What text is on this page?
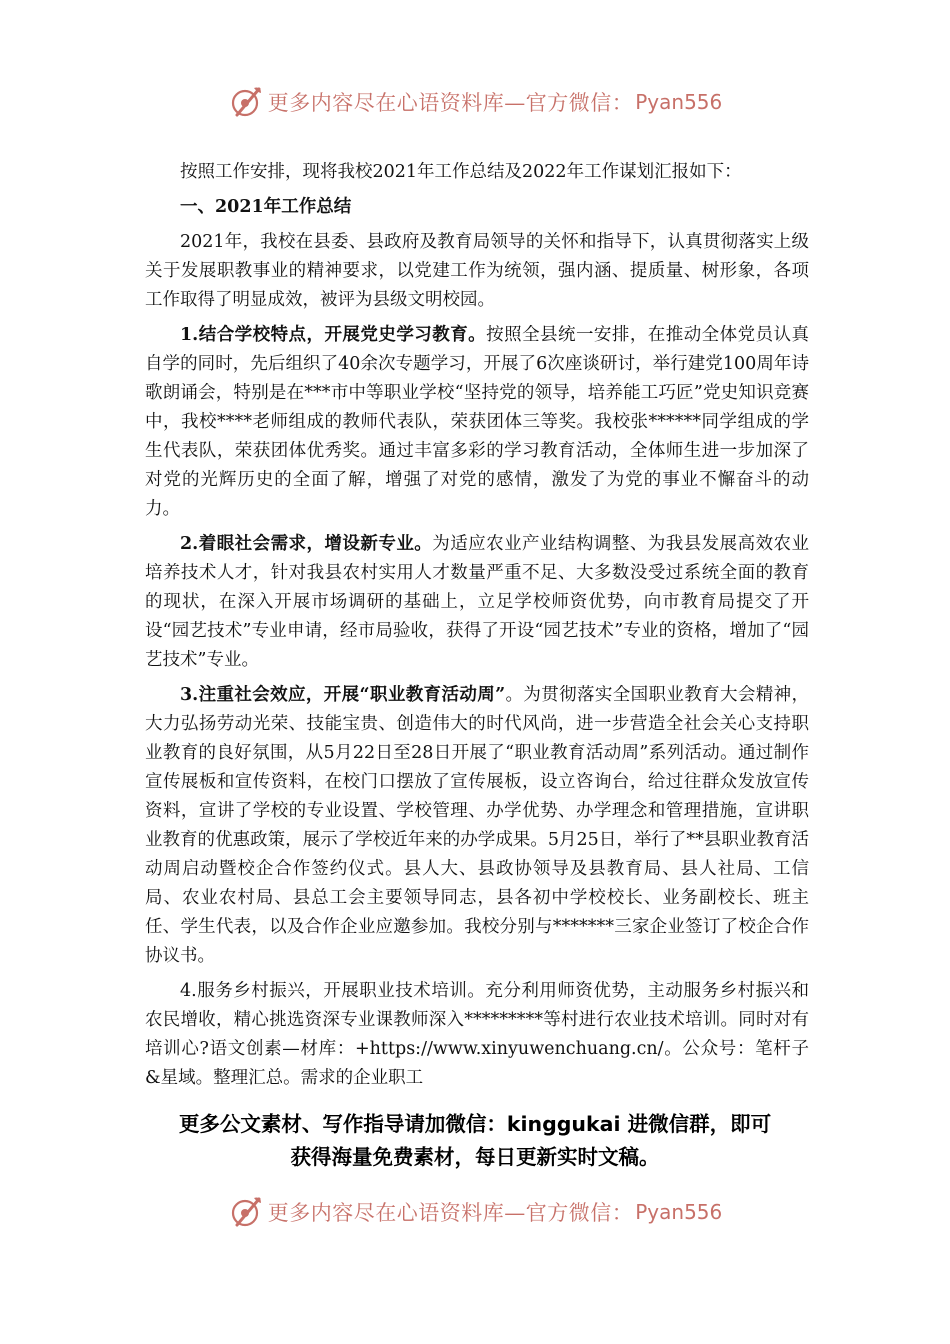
更多内容尽在心语资料库—官方微信： Pyan556

按照工作安排，现将我校2021年工作总结及2022年工作谋划汇报如下：

一、2021年工作总结

2021年，我校在县委、县政府及教育局领导的关怀和指导下，认真贯彻落实上级关于发展职教事业的精神要求，以党建工作为统领，强内涵、提质量、树形象，各项工作取得了明显成效，被评为县级文明校园。

1.结合学校特点，开展党史学习教育。按照全县统一安排，在推动全体党员认真自学的同时，先后组织了40余次专题学习，开展了6次座谈研讨，举行建党100周年诗歌朗诵会，特别是在***市中等职业学校“坚持党的领导，培养能工巧匠”党史知识竞赛中，我校****老师组成的教师代表队，荣获团体三等奖。我校张******同学组成的学生代表队，荣获团体优秀奖。通过丰富多彩的学习教育活动，全体师生进一步加深了对党的光辉历史的全面了解，增强了对党的感情，激发了为党的事业不懈奋斗的动力。

2.着眼社会需求，增设新专业。为适应农业产业结构调整、为我县发展高效农业培养技术人才，针对我县农村实用人才数量严重不足、大多数没受过系统全面的教育的现状，在深入开展市场调研的基础上，立足学校师资优势，向市教育局提交了开设“园艺技术”专业申请，经市局验收，获得了开设“园艺技术”专业的资格，增加了“园艺技术”专业。

3.注重社会效应，开展“职业教育活动周”。为贯彻落实全国职业教育大会精神，大力弘扬劳动光荣、技能宝贵、创造伟大的时代风尚，进一步营造全社会关心支持职业教育的良好氛围，从5月22日至28日开展了“职业教育活动周”系列活动。通过制作宣传展板和宣传资料，在校门口摆放了宣传展板，设立咨询台，给过往群众发放宣传资料，宣讲了学校的专业设置、学校管理、办学优势、办学理念和管理措施，宣讲职业教育的优惠政策，展示了学校近年来的办学成果。5月25日，举行了**县职业教育活动周启动暨校企合作签约仪式。县人大、县政协领导及县教育局、县人社局、工信局、农业农村局、县总工会主要领导同志，县各初中学校校长、业务副校长、班主任、学生代表，以及合作企业应邀参加。我校分别与*******三家企业签订了校企合作协议书。

4.服务乡村振兴，开展职业技术培训。充分利用师资优势，主动服务乡村振兴和农民增收，精心挑选资深专业课教师深入*********等村进行农业技术培训。同时对有培训心?语文创素—材库：+https://www.xinyuwenchuang.cn/。公众号：笔杆子&星域。整理汇总。需求的企业职工

更多公文素材、写作指导请加微信：kinggukai 进微信群，即可
获得海量免费素材，每日更新实时文稿。
更多内容尽在心语资料库—官方微信： Pyan556
